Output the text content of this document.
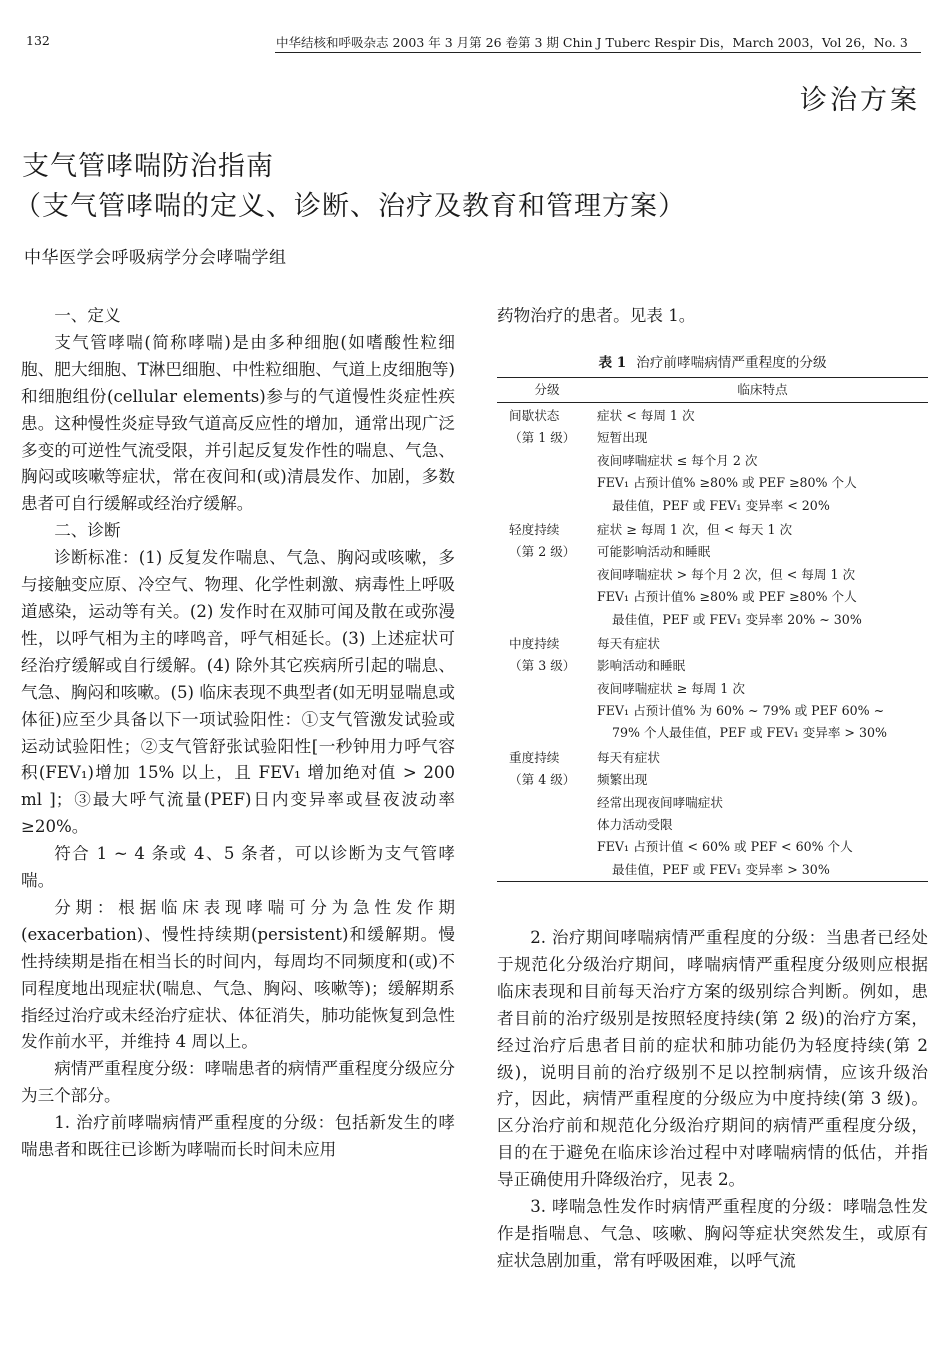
132	中华结核和呼吸杂志 2003 年 3 月第 26 卷第 3 期 Chin J Tuberc Respir Dis，March 2003，Vol 26，No. 3
诊治方案
支气管哮喘防治指南
（支气管哮喘的定义、诊断、治疗及教育和管理方案）
中华医学会呼吸病学分会哮喘学组

一、定义

支气管哮喘(简称哮喘)是由多种细胞(如嗜酸性粒细胞、肥大细胞、T淋巴细胞、中性粒细胞、气道上皮细胞等)和细胞组份(cellular elements)参与的气道慢性炎症性疾患。这种慢性炎症导致气道高反应性的增加，通常出现广泛多变的可逆性气流受限，并引起反复发作性的喘息、气急、胸闷或咳嗽等症状，常在夜间和(或)清晨发作、加剧，多数患者可自行缓解或经治疗缓解。

二、诊断

诊断标准：(1) 反复发作喘息、气急、胸闷或咳嗽，多与接触变应原、冷空气、物理、化学性刺激、病毒性上呼吸道感染，运动等有关。(2) 发作时在双肺可闻及散在或弥漫性，以呼气相为主的哮鸣音，呼气相延长。(3) 上述症状可经治疗缓解或自行缓解。(4) 除外其它疾病所引起的喘息、气急、胸闷和咳嗽。(5) 临床表现不典型者(如无明显喘息或体征)应至少具备以下一项试验阳性：①支气管激发试验或运动试验阳性；②支气管舒张试验阳性[一秒钟用力呼气容积(FEV₁)增加 15% 以上，且 FEV₁ 增加绝对值 > 200 ml ]；③最大呼气流量(PEF)日内变异率或昼夜波动率 ≥20%。

符合 1 ~ 4 条或 4、5 条者，可以诊断为支气管哮喘。

分期：根据临床表现哮喘可分为急性发作期(exacerbation)、慢性持续期(persistent)和缓解期。慢性持续期是指在相当长的时间内，每周均不同频度和(或)不同程度地出现症状(喘息、气急、胸闷、咳嗽等)；缓解期系指经过治疗或未经治疗症状、体征消失，肺功能恢复到急性发作前水平，并维持 4 周以上。

病情严重程度分级：哮喘患者的病情严重程度分级应分为三个部分。

1. 治疗前哮喘病情严重程度的分级：包括新发生的哮喘患者和既往已诊断为哮喘而长时间未应用

药物治疗的患者。见表 1。

表 1 治疗前哮喘病情严重程度的分级
分级	临床特点
间歇状态
（第 1 级）
症状 < 每周 1 次
短暂出现
夜间哮喘症状 ≤ 每个月 2 次
FEV₁ 占预计值% ≥80% 或 PEF ≥80% 个人
最佳值，PEF 或 FEV₁ 变异率 < 20%
轻度持续
（第 2 级）
症状 ≥ 每周 1 次，但 < 每天 1 次
可能影响活动和睡眠
夜间哮喘症状 > 每个月 2 次，但 < 每周 1 次
FEV₁ 占预计值% ≥80% 或 PEF ≥80% 个人
最佳值，PEF 或 FEV₁ 变异率 20% ~ 30%
中度持续
（第 3 级）
每天有症状
影响活动和睡眠
夜间哮喘症状 ≥ 每周 1 次
FEV₁ 占预计值% 为 60% ~ 79% 或 PEF 60% ~
79% 个人最佳值，PEF 或 FEV₁ 变异率 > 30%
重度持续
（第 4 级）
每天有症状
频繁出现
经常出现夜间哮喘症状
体力活动受限
FEV₁ 占预计值 < 60% 或 PEF < 60% 个人
最佳值，PEF 或 FEV₁ 变异率 > 30%

2. 治疗期间哮喘病情严重程度的分级：当患者已经处于规范化分级治疗期间，哮喘病情严重程度分级则应根据临床表现和目前每天治疗方案的级别综合判断。例如，患者目前的治疗级别是按照轻度持续(第 2 级)的治疗方案，经过治疗后患者目前的症状和肺功能仍为轻度持续(第 2 级)，说明目前的治疗级别不足以控制病情，应该升级治疗，因此，病情严重程度的分级应为中度持续(第 3 级)。区分治疗前和规范化分级治疗期间的病情严重程度分级，目的在于避免在临床诊治过程中对哮喘病情的低估，并指导正确使用升降级治疗，见表 2。

3. 哮喘急性发作时病情严重程度的分级：哮喘急性发作是指喘息、气急、咳嗽、胸闷等症状突然发生，或原有症状急剧加重，常有呼吸困难，以呼气流
